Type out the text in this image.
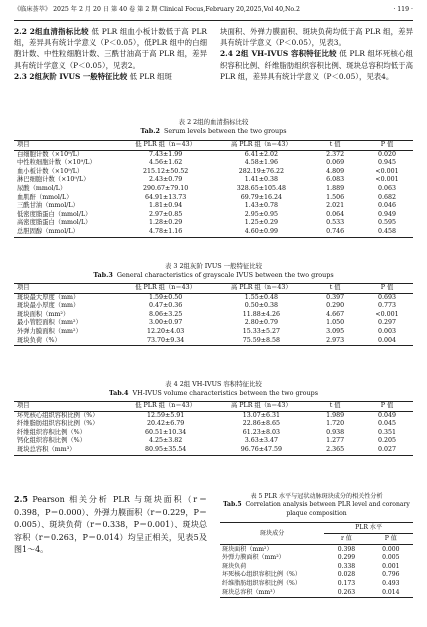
《临床荟萃》 2025 年 2 月 20 日 第 40 卷 第 2 期 Clinical Focus,February 20,2025,Vol 40,No.2	· 119 ·

2.2 2组血清指标比较 低 PLR 组血小板计数低于高 PLR 组，差异具有统计学意义（P＜0.05），低PLR 组中的白细胞计数、中性粒细胞计数、三酰甘油高于高 PLR 组，差异具有统计学意义（P＜0.05），见表2。

2.3 2组灰阶 IVUS 一般特征比较 低 PLR 组斑

块面积、外弹力膜面积、斑块负荷均低于高 PLR 组，差异具有统计学意义（P＜0.05），见表3。

2.4 2组 VH-IVUS 容积特征比较 低 PLR 组坏死核心组织容积比例、纤维脂肪组织容积比例、斑块总容积均低于高 PLR 组，差异具有统计学意义（P＜0.05），见表4。

表 2 2组的血清指标比较
Tab.2 Serum levels between the two groups
项目	低 PLR 组（n＝43）	高 PLR 组（n＝43）	t 值	P 值
白细胞计数（×10⁹/L）	7.43±1.99	6.41±2.02	2.372	0.020
中性粒细胞计数（×10⁹/L）	4.56±1.62	4.58±1.96	0.069	0.945
血小板计数（×10⁹/L）	215.12±50.52	282.19±76.22	4.809	<0.001
淋巴细胞计数（×10⁹/L）	2.43±0.79	1.41±0.38	6.083	<0.001
尿酸（mmol/L）	290.67±79.10	328.65±105.48	1.889	0.063
血肌酐（mmol/L）	64.91±13.73	69.79±16.24	1.506	0.682
三酰甘油（mmol/L）	1.81±0.94	1.43±0.78	2.021	0.046
低密度脂蛋白（mmol/L）	2.97±0.85	2.95±0.95	0.064	0.949
高密度脂蛋白（mmol/L）	1.28±0.29	1.25±0.29	0.533	0.595
总胆固醇（mmol/L）	4.78±1.16	4.60±0.99	0.746	0.458
表 3 2组灰阶 IVUS 一般特征比较
Tab.3 General characteristics of grayscale IVUS between the two groups
项目	低 PLR 组（n＝43）	高 PLR 组（n＝43）	t 值	P 值
斑块最大厚度（mm）	1.59±0.50	1.55±0.48	0.397	0.693
斑块最小厚度（mm）	0.47±0.36	0.50±0.38	0.290	0.773
斑块面积（mm²）	8.06±3.25	11.88±4.26	4.667	<0.001
最小管腔面积（mm²）	3.00±0.97	2.80±0.79	1.050	0.297
外弹力膜面积（mm²）	12.20±4.03	15.33±5.27	3.095	0.003
斑块负荷（%）	73.70±9.34	75.59±8.58	2.973	0.004
表 4 2组 VH-IVUS 容积特征比较
Tab.4 VH-IVUS volume characteristics between the two groups
项目	低 PLR 组（n＝43）	高 PLR 组（n＝43）	t 值	P 值
坏死核心组织容积比例（%）	12.59±5.91	13.07±6.31	1.989	0.049
纤维脂肪组织容积比例（%）	20.42±6.79	22.86±8.65	1.720	0.045
纤维组织容积比例（%）	60.51±10.34	61.23±8.03	0.938	0.351
钙化组织容积比例（%）	4.25±3.82	3.63±3.47	1.277	0.205
斑块总容积（mm³）	80.95±35.54	96.76±47.59	2.365	0.027

2.5 Pearson 相关分析 PLR 与斑块面积（r＝0.398，P＝0.000）、外弹力膜面积（r＝0.229，P＝0.005）、斑块负荷（r＝0.338，P＝0.001）、斑块总容积（r＝0.263，P＝0.014）均呈正相关，见表5及图1～4。

表 5 PLR 水平与冠状动脉斑块成分的相关性分析
Tab.5 Correlation analysis between PLR level and coronary plaque composition
斑块成分	PLR 水平	
	r 值	P 值
斑块面积（mm²）	0.398	0.000
外弹力膜面积（mm²）	0.299	0.005
斑块负荷	0.338	0.001
坏死核心组织容积比例（%）	0.028	0.796
纤维脂肪组织容积比例（%）	0.173	0.493
斑块总容积（mm³）	0.263	0.014
